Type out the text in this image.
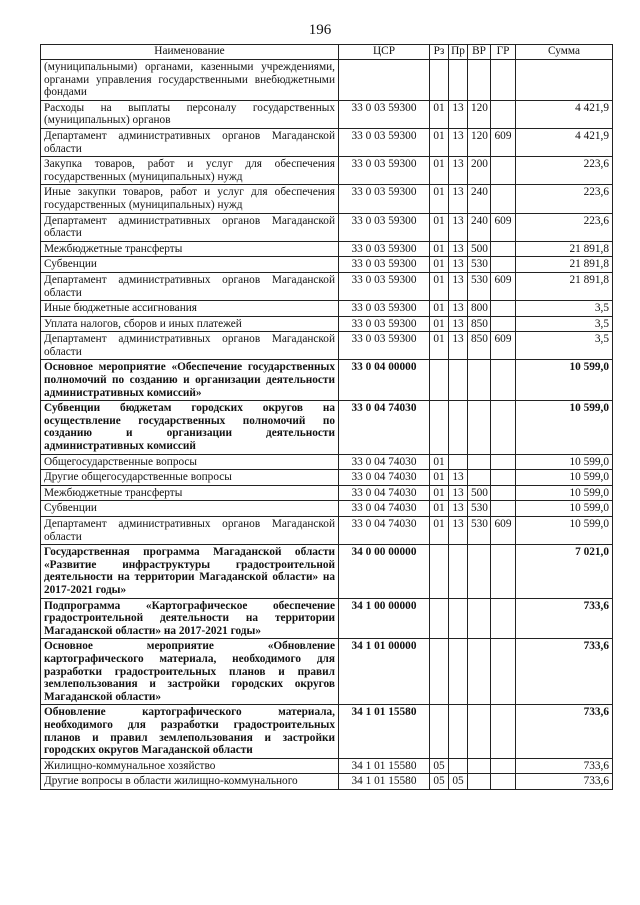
196
Наименование	ЦСР	Рз	Пр	ВР	ГР	Сумма
(муниципальными) органами, казенными учреждениями, органами управления государственными внебюджетными фондами						
Расходы на выплаты персоналу государственных (муниципальных) органов	33 0 03 59300	01	13	120		4 421,9
Департамент административных органов Магаданской области	33 0 03 59300	01	13	120	609	4 421,9
Закупка товаров, работ и услуг для обеспечения государственных (муниципальных) нужд	33 0 03 59300	01	13	200		223,6
Иные закупки товаров, работ и услуг для обеспечения государственных (муниципальных) нужд	33 0 03 59300	01	13	240		223,6
Департамент административных органов Магаданской области	33 0 03 59300	01	13	240	609	223,6
Межбюджетные трансферты	33 0 03 59300	01	13	500		21 891,8
Субвенции	33 0 03 59300	01	13	530		21 891,8
Департамент административных органов Магаданской области	33 0 03 59300	01	13	530	609	21 891,8
Иные бюджетные ассигнования	33 0 03 59300	01	13	800		3,5
Уплата налогов, сборов и иных платежей	33 0 03 59300	01	13	850		3,5
Департамент административных органов Магаданской области	33 0 03 59300	01	13	850	609	3,5
Основное мероприятие «Обеспечение государственных полномочий по созданию и организации деятельности административных комиссий»	33 0 04 00000					10 599,0
Субвенции бюджетам городских округов на осуществление государственных полномочий по созданию и организации деятельности административных комиссий	33 0 04 74030					10 599,0
Общегосударственные вопросы	33 0 04 74030	01				10 599,0
Другие общегосударственные вопросы	33 0 04 74030	01	13			10 599,0
Межбюджетные трансферты	33 0 04 74030	01	13	500		10 599,0
Субвенции	33 0 04 74030	01	13	530		10 599,0
Департамент административных органов Магаданской области	33 0 04 74030	01	13	530	609	10 599,0
Государственная программа Магаданской области «Развитие инфраструктуры градостроительной деятельности на территории Магаданской области» на 2017-2021 годы»	34 0 00 00000					7 021,0
Подпрограмма «Картографическое обеспечение градостроительной деятельности на территории Магаданской области» на 2017-2021 годы»	34 1 00 00000					733,6
Основное мероприятие «Обновление картографического материала, необходимого для разработки градостроительных планов и правил землепользования и застройки городских округов Магаданской области»	34 1 01 00000					733,6
Обновление картографического материала, необходимого для разработки градостроительных планов и правил землепользования и застройки городских округов Магаданской области	34 1 01 15580					733,6
Жилищно-коммунальное хозяйство	34 1 01 15580	05				733,6
Другие вопросы в области жилищно-коммунального	34 1 01 15580	05	05			733,6
